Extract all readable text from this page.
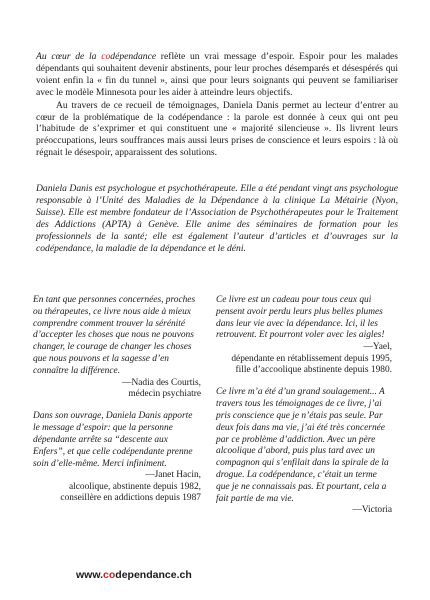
Au cœur de la codépendance reflète un vrai message d’espoir. Espoir pour les malades dépendants qui souhaitent devenir abstinents, pour leur proches désemparés et désespérés qui voient enfin la « fin du tunnel », ainsi que pour leurs soignants qui peuvent se familiariser avec le modèle Minnesota pour les aider à atteindre leurs objectifs.

Au travers de ce recueil de témoignages, Daniela Danis permet au lecteur d’entrer au cœur de la problématique de la codépendance : la parole est donnée à ceux qui ont peu l’habitude de s’exprimer et qui constituent une « majorité silencieuse ». Ils livrent leurs préoccupations, leurs souffrances mais aussi leurs prises de conscience et leurs espoirs : là où régnait le désespoir, apparaissent des solutions.

Daniela Danis est psychologue et psychothérapeute. Elle a été pendant vingt ans psychologue responsable à l’Unité des Maladies de la Dépendance à la clinique La Métairie (Nyon, Suisse). Elle est membre fondateur de l’Association de Psychothérapeutes pour le Traitement des Addictions (APTA) à Genève. Elle anime des séminaires de formation pour les professionnels de la santé; elle est également l’auteur d’articles et d’ouvrages sur la codépendance, la maladie de la dépendance et le déni.
En tant que personnes concernées, proches ou thérapeutes, ce livre nous aide à mieux comprendre comment trouver la sérénité d’accepter les choses que nous ne pouvons changer, le courage de changer les choses que nous pouvons et la sagesse d’en connaître la différence.
—Nadia des Courtis,
médecin psychiatre
Dans son ouvrage, Daniela Danis apporte le message d’espoir: que la personne dépendante arrête sa “descente aux Enfers”, et que celle codépendante prenne soin d’elle-même. Merci infiniment.
—Janet Hacin,
alcoolique, abstinente depuis 1982, conseillère en addictions depuis 1987
Ce livre est un cadeau pour tous ceux qui pensent avoir perdu leurs plus belles plumes dans leur vie avec la dépendance. Ici, il les retrouvent. Et pourront voler avec les aigles!
—Yael,
dépendante en rétablissement depuis 1995, fille d’accoolique abstinente depuis 1980.
Ce livre m’a été d’un grand soulagement... A travers tous les témoignages de ce livre, j’ai pris conscience que je n’étais pas seule. Par deux fois dans ma vie, j’ai été très concernée par ce problème d’addiction. Avec un père alcoolique d’abord, puis plus tard avec un compagnon qui s’enfilait dans la spirale de la drogue. La codépendance, c’était un terme que je ne connaissais pas. Et pourtant, cela a fait partie de ma vie.
—Victoria
www.codependance.ch
